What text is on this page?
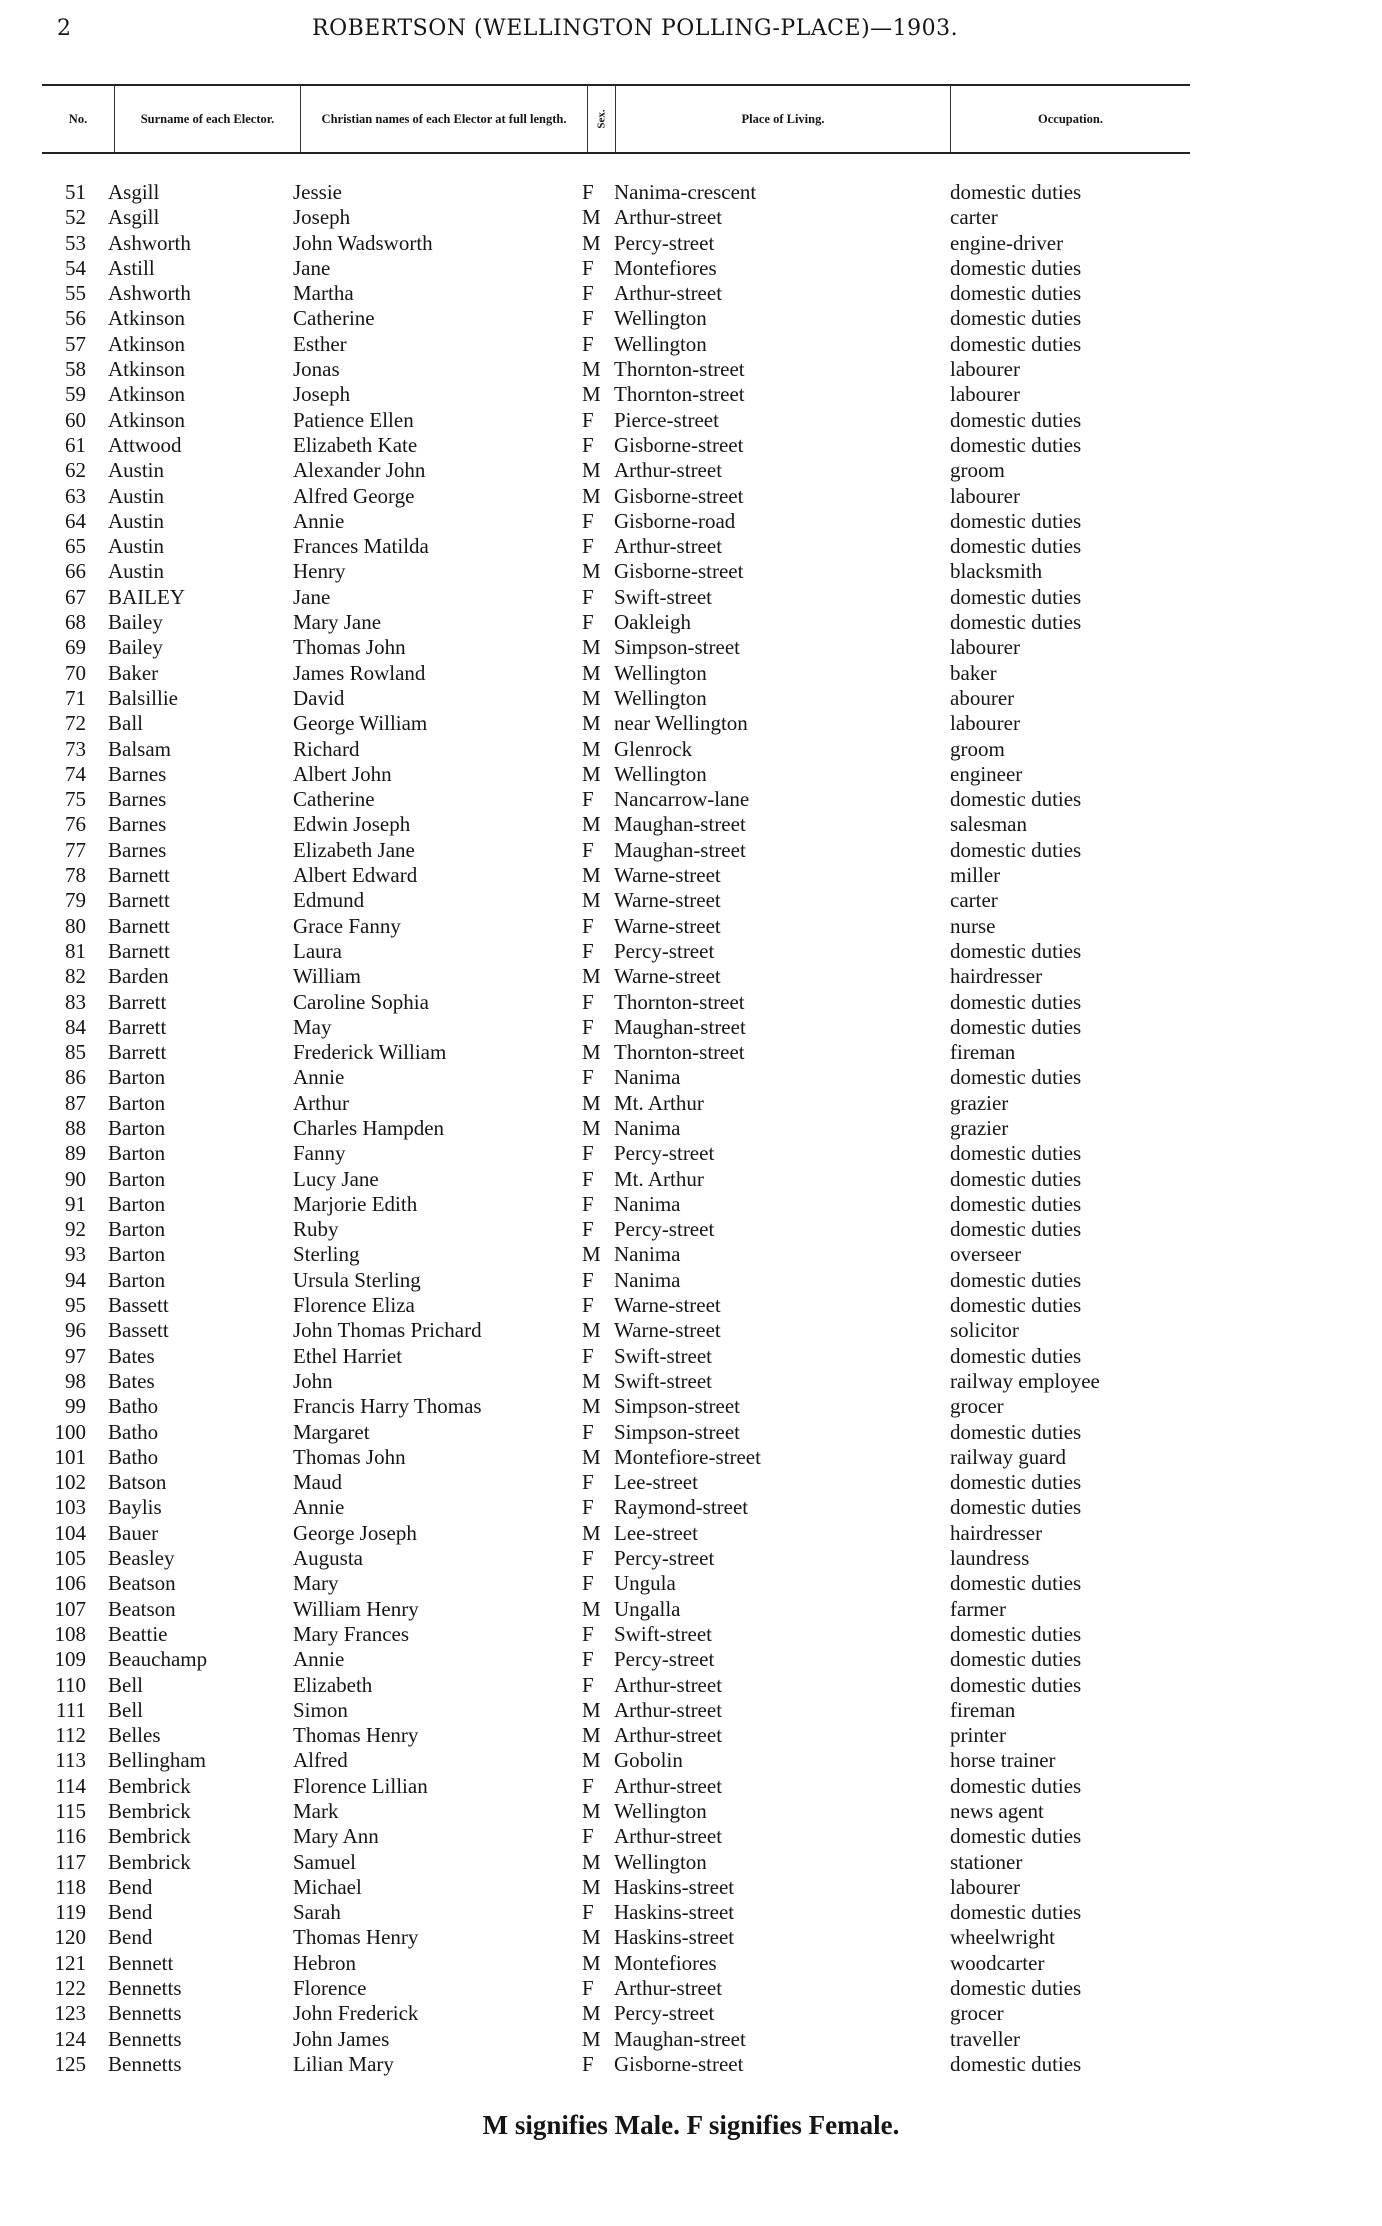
2	ROBERTSON (WELLINGTON POLLING-PLACE)—1903.
No.	Surname of each Elector.	Christian names of each Elector at full length.	Sex.	Place of Living.	Occupation.
51 Asgill	Jessie	F Nanima-crescent	domestic duties
52 Asgill	Joseph	M Arthur-street	carter
53 Ashworth	John Wadsworth	M Percy-street	engine-driver
54 Astill	Jane	F Montefiores	domestic duties
55 Ashworth	Martha	F Arthur-street	domestic duties
56 Atkinson	Catherine	F Wellington	domestic duties
57 Atkinson	Esther	F Wellington	domestic duties
58 Atkinson	Jonas	M Thornton-street	labourer
59 Atkinson	Joseph	M Thornton-street	labourer
60 Atkinson	Patience Ellen	F Pierce-street	domestic duties
61 Attwood	Elizabeth Kate	F Gisborne-street	domestic duties
62 Austin	Alexander John	M Arthur-street	groom
63 Austin	Alfred George	M Gisborne-street	labourer
64 Austin	Annie	F Gisborne-road	domestic duties
65 Austin	Frances Matilda	F Arthur-street	domestic duties
66 Austin	Henry	M Gisborne-street	blacksmith
67 BAILEY	Jane	F Swift-street	domestic duties
68 Bailey	Mary Jane	F Oakleigh	domestic duties
69 Bailey	Thomas John	M Simpson-street	labourer
70 Baker	James Rowland	M Wellington	baker
71 Balsillie	David	M Wellington	abourer
72 Ball	George William	M near Wellington	labourer
73 Balsam	Richard	M Glenrock	groom
74 Barnes	Albert John	M Wellington	engineer
75 Barnes	Catherine	F Nancarrow-lane	domestic duties
76 Barnes	Edwin Joseph	M Maughan-street	salesman
77 Barnes	Elizabeth Jane	F Maughan-street	domestic duties
78 Barnett	Albert Edward	M Warne-street	miller
79 Barnett	Edmund	M Warne-street	carter
80 Barnett	Grace Fanny	F Warne-street	nurse
81 Barnett	Laura	F Percy-street	domestic duties
82 Barden	William	M Warne-street	hairdresser
83 Barrett	Caroline Sophia	F Thornton-street	domestic duties
84 Barrett	May	F Maughan-street	domestic duties
85 Barrett	Frederick William	M Thornton-street	fireman
86 Barton	Annie	F Nanima	domestic duties
87 Barton	Arthur	M Mt. Arthur	grazier
88 Barton	Charles Hampden	M Nanima	grazier
89 Barton	Fanny	F Percy-street	domestic duties
90 Barton	Lucy Jane	F Mt. Arthur	domestic duties
91 Barton	Marjorie Edith	F Nanima	domestic duties
92 Barton	Ruby	F Percy-street	domestic duties
93 Barton	Sterling	M Nanima	overseer
94 Barton	Ursula Sterling	F Nanima	domestic duties
95 Bassett	Florence Eliza	F Warne-street	domestic duties
96 Bassett	John Thomas Prichard	M Warne-street	solicitor
97 Bates	Ethel Harriet	F Swift-street	domestic duties
98 Bates	John	M Swift-street	railway employee
99 Batho	Francis Harry Thomas	M Simpson-street	grocer
100 Batho	Margaret	F Simpson-street	domestic duties
101 Batho	Thomas John	M Montefiore-street	railway guard
102 Batson	Maud	F Lee-street	domestic duties
103 Baylis	Annie	F Raymond-street	domestic duties
104 Bauer	George Joseph	M Lee-street	hairdresser
105 Beasley	Augusta	F Percy-street	laundress
106 Beatson	Mary	F Ungula	domestic duties
107 Beatson	William Henry	M Ungalla	farmer
108 Beattie	Mary Frances	F Swift-street	domestic duties
109 Beauchamp	Annie	F Percy-street	domestic duties
110 Bell	Elizabeth	F Arthur-street	domestic duties
111 Bell	Simon	M Arthur-street	fireman
112 Belles	Thomas Henry	M Arthur-street	printer
113 Bellingham	Alfred	M Gobolin	horse trainer
114 Bembrick	Florence Lillian	F Arthur-street	domestic duties
115 Bembrick	Mark	M Wellington	news agent
116 Bembrick	Mary Ann	F Arthur-street	domestic duties
117 Bembrick	Samuel	M Wellington	stationer
118 Bend	Michael	M Haskins-street	labourer
119 Bend	Sarah	F Haskins-street	domestic duties
120 Bend	Thomas Henry	M Haskins-street	wheelwright
121 Bennett	Hebron	M Montefiores	woodcarter
122 Bennetts	Florence	F Arthur-street	domestic duties
123 Bennetts	John Frederick	M Percy-street	grocer
124 Bennetts	John James	M Maughan-street	traveller
125 Bennetts	Lilian Mary	F Gisborne-street	domestic duties
M signifies Male. F signifies Female.
